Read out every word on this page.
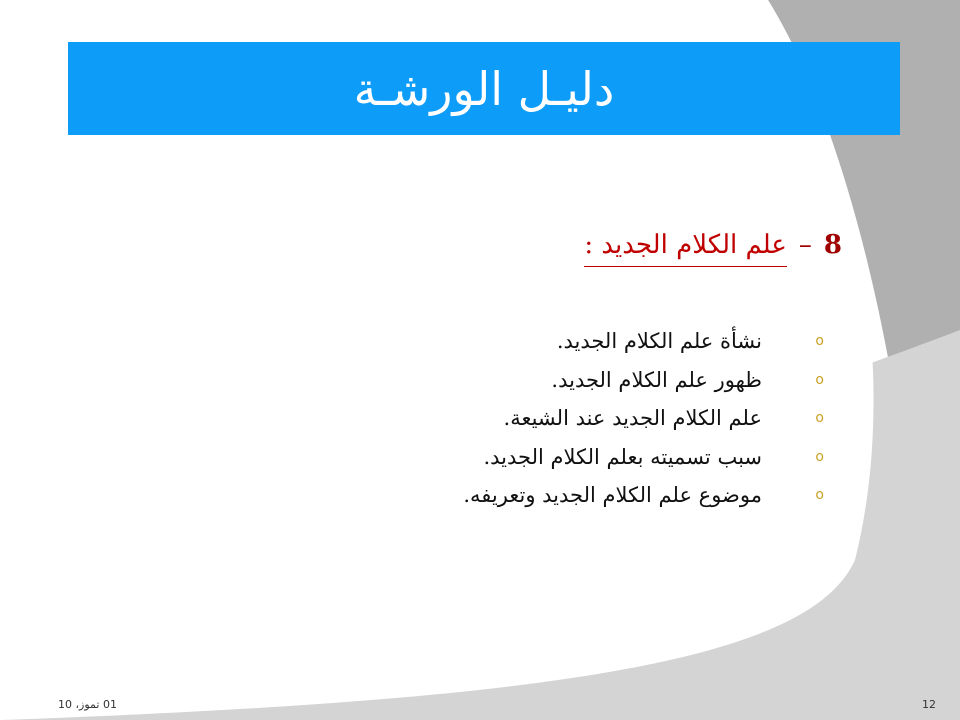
دليـل الورشـة
8
–
علم الكلام الجديد :
o
نشأة علم الكلام الجديد.
o
ظهور علم الكلام الجديد.
o
علم الكلام الجديد عند الشيعة.
o
سبب تسميته بعلم الكلام الجديد.
o
موضوع علم الكلام الجديد وتعريفه.
01 تموز، 10	12
